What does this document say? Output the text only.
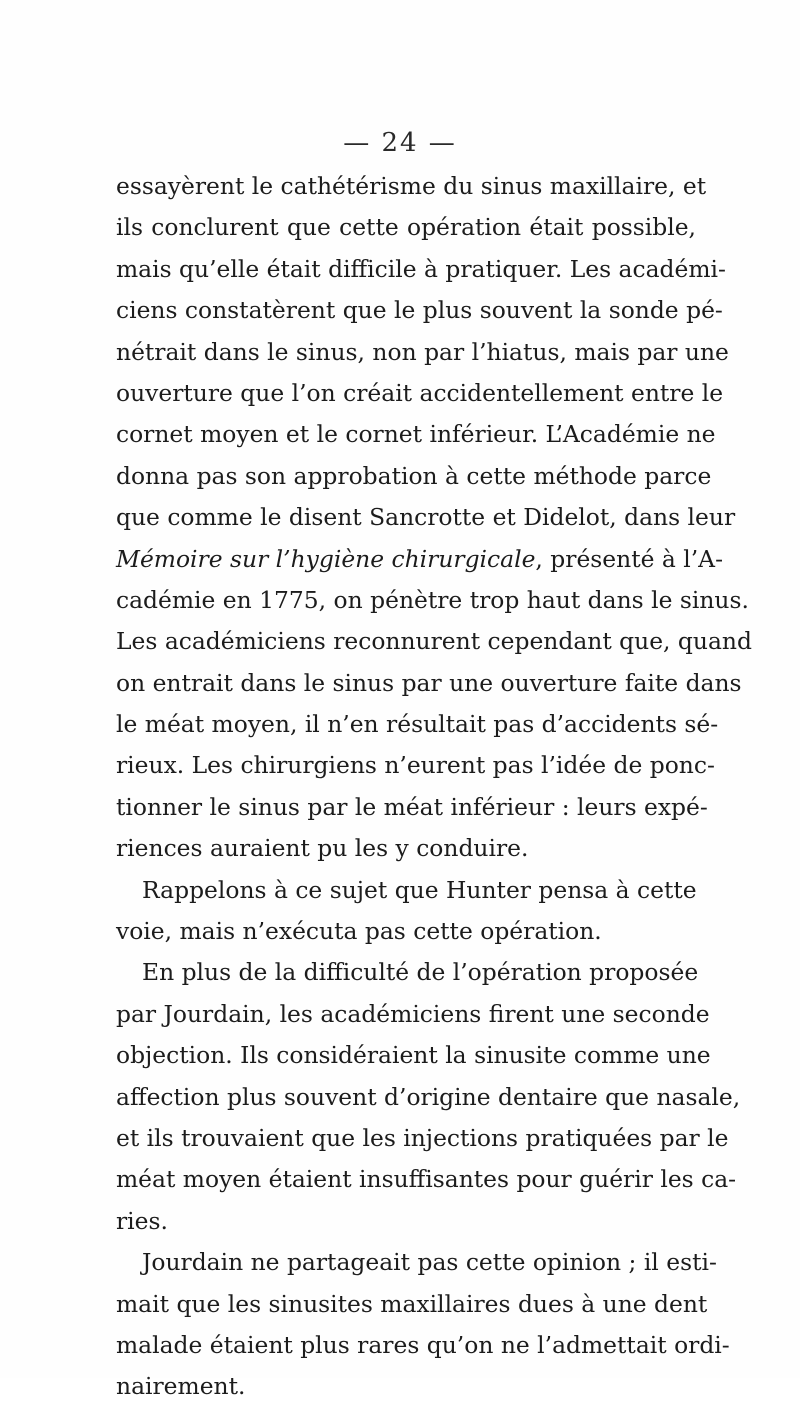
— 24 —
essayèrent le cathétérisme du sinus maxillaire, et
ils conclurent que cette opération était possible,
mais qu’elle était difficile à pratiquer. Les académi-
ciens constatèrent que le plus souvent la sonde pé-
nétrait dans le sinus, non par l’hiatus, mais par une
ouverture que l’on créait accidentellement entre le
cornet moyen et le cornet inférieur. L’Académie ne
donna pas son approbation à cette méthode parce
que comme le disent Sancrotte et Didelot, dans leur
Mémoire sur l’hygiène chirurgicale, présenté à l’A-
cadémie en 1775, on pénètre trop haut dans le sinus.
Les académiciens reconnurent cependant que, quand
on entrait dans le sinus par une ouverture faite dans
le méat moyen, il n’en résultait pas d’accidents sé-
rieux. Les chirurgiens n’eurent pas l’idée de ponc-
tionner le sinus par le méat inférieur : leurs expé-
riences auraient pu les y conduire.
Rappelons à ce sujet que Hunter pensa à cette
voie, mais n’exécuta pas cette opération.
En plus de la difficulté de l’opération proposée
par Jourdain, les académiciens firent une seconde
objection. Ils considéraient la sinusite comme une
affection plus souvent d’origine dentaire que nasale,
et ils trouvaient que les injections pratiquées par le
méat moyen étaient insuffisantes pour guérir les ca-
ries.
Jourdain ne partageait pas cette opinion ; il esti-
mait que les sinusites maxillaires dues à une dent
malade étaient plus rares qu’on ne l’admettait ordi-
nairement.
